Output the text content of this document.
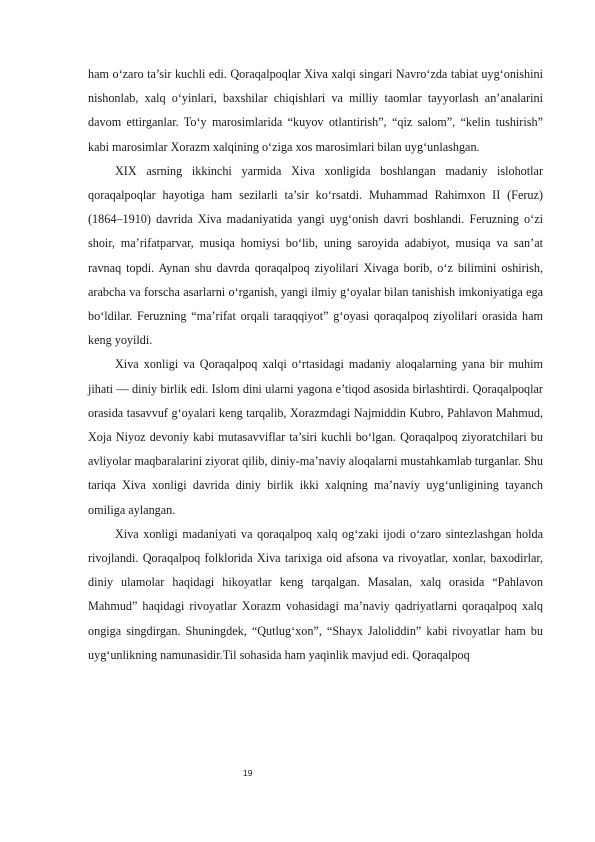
ham o‘zaro ta’sir kuchli edi. Qoraqalpoqlar Xiva xalqi singari Navro‘zda tabiat uyg‘onishini nishonlab, xalq o‘yinlari, baxshilar chiqishlari va milliy taomlar tayyorlash an’analarini davom ettirganlar. To‘y marosimlarida “kuyov otlantirish”, “qiz salom”, “kelin tushirish” kabi marosimlar Xorazm xalqining o‘ziga xos marosimlari bilan uyg‘unlashgan.

XIX asrning ikkinchi yarmida Xiva xonligida boshlangan madaniy islohotlar qoraqalpoqlar hayotiga ham sezilarli ta’sir ko‘rsatdi. Muhammad Rahimxon II (Feruz) (1864–1910) davrida Xiva madaniyatida yangi uyg‘onish davri boshlandi. Feruzning o‘zi shoir, ma’rifatparvar, musiqa homiysi bo‘lib, uning saroyida adabiyot, musiqa va san’at ravnaq topdi. Aynan shu davrda qoraqalpoq ziyolilari Xivaga borib, o‘z bilimini oshirish, arabcha va forscha asarlarni o‘rganish, yangi ilmiy g‘oyalar bilan tanishish imkoniyatiga ega bo‘ldilar. Feruzning “ma’rifat orqali taraqqiyot” g‘oyasi qoraqalpoq ziyolilari orasida ham keng yoyildi.

Xiva xonligi va Qoraqalpoq xalqi o‘rtasidagi madaniy aloqalarning yana bir muhim jihati — diniy birlik edi. Islom dini ularni yagona e’tiqod asosida birlashtirdi. Qoraqalpoqlar orasida tasavvuf g‘oyalari keng tarqalib, Xorazmdagi Najmiddin Kubro, Pahlavon Mahmud, Xoja Niyoz devoniy kabi mutasavviflar ta’siri kuchli bo‘lgan. Qoraqalpoq ziyoratchilari bu avliyolar maqbaralarini ziyorat qilib, diniy-ma’naviy aloqalarni mustahkamlab turganlar. Shu tariqa Xiva xonligi davrida diniy birlik ikki xalqning ma’naviy uyg‘unligining tayanch omiliga aylangan.

Xiva xonligi madaniyati va qoraqalpoq xalq og‘zaki ijodi o‘zaro sintezlashgan holda rivojlandi. Qoraqalpoq folklorida Xiva tarixiga oid afsona va rivoyatlar, xonlar, baxodirlar, diniy ulamolar haqidagi hikoyatlar keng tarqalgan. Masalan, xalq orasida “Pahlavon Mahmud” haqidagi rivoyatlar Xorazm vohasidagi ma’naviy qadriyatlarni qoraqalpoq xalq ongiga singdirgan. Shuningdek, “Qutlug‘xon”, “Shayx Jaloliddin” kabi rivoyatlar ham bu uyg‘unlikning namunasidir.Til sohasida ham yaqinlik mavjud edi. Qoraqalpoq

19
